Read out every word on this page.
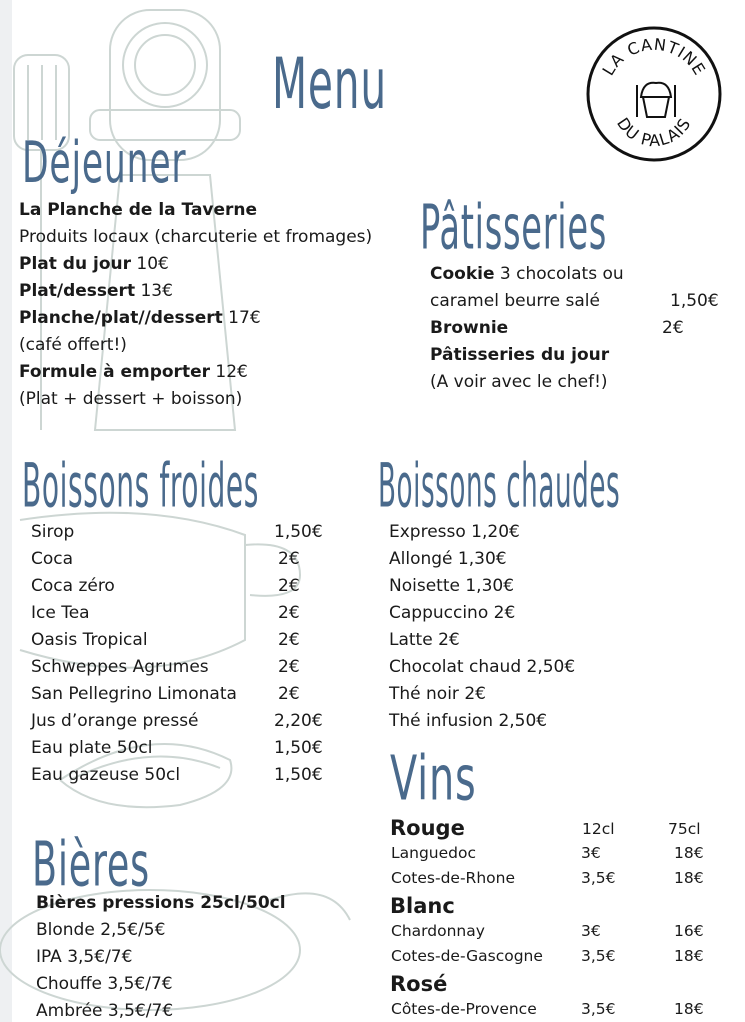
Menu	LA CANTINE
DU PALAIS
Déjeuner
La Planche de la Taverne
Produits locaux (charcuterie et fromages)
Plat du jour 10€
Plat/dessert 13€
Planche/plat//dessert 17€
(café offert!)
Formule à emporter 12€
(Plat + dessert + boisson)
Pâtisseries
Cookie 3 chocolats ou
caramel beurre salé	1,50€
Brownie	2€
Pâtisseries du jour
(A voir avec le chef!)
Boissons froides
Sirop	1,50€
Coca	2€
Coca zéro	2€
Ice Tea	2€
Oasis Tropical	2€
Schweppes Agrumes	2€
San Pellegrino Limonata 2€
Jus d’orange pressé	2,20€
Eau plate 50cl	1,50€
Eau gazeuse 50cl	1,50€
Boissons chaudes
Expresso 1,20€
Allongé 1,30€
Noisette 1,30€
Cappuccino 2€
Latte 2€
Chocolat chaud 2,50€
Thé noir 2€
Thé infusion 2,50€
Vins
12cl	75cl
Rouge
Languedoc	3€	18€
Cotes-de-Rhone	3,5€	18€
Blanc
Chardonnay	3€	16€
Cotes-de-Gascogne 3,5€	18€
Rosé
Côtes-de-Provence	3,5€	18€
Bières
Bières pressions 25cl/50cl
Blonde 2,5€/5€
IPA 3,5€/7€
Chouffe 3,5€/7€
Ambrée 3,5€/7€
